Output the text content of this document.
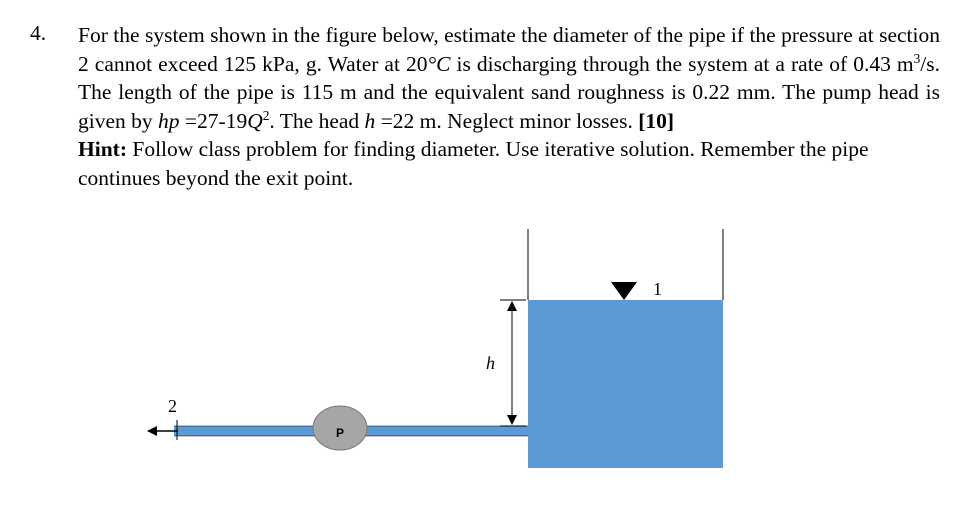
4. For the system shown in the figure below, estimate the diameter of the pipe if the pressure at section 2 cannot exceed 125 kPa, g. Water at 20°C is discharging through the system at a rate of 0.43 $m^3/s$. The length of the pipe is 115 m and the equivalent sand roughness is 0.22 mm. The pump head is given by hp $=27-19Q^2$. The head h =22 m. Neglect minor losses. [10]

Hint: Follow class problem for finding diameter. Use iterative solution. Remember the pipe continues beyond the exit point.

1
2
h
P
